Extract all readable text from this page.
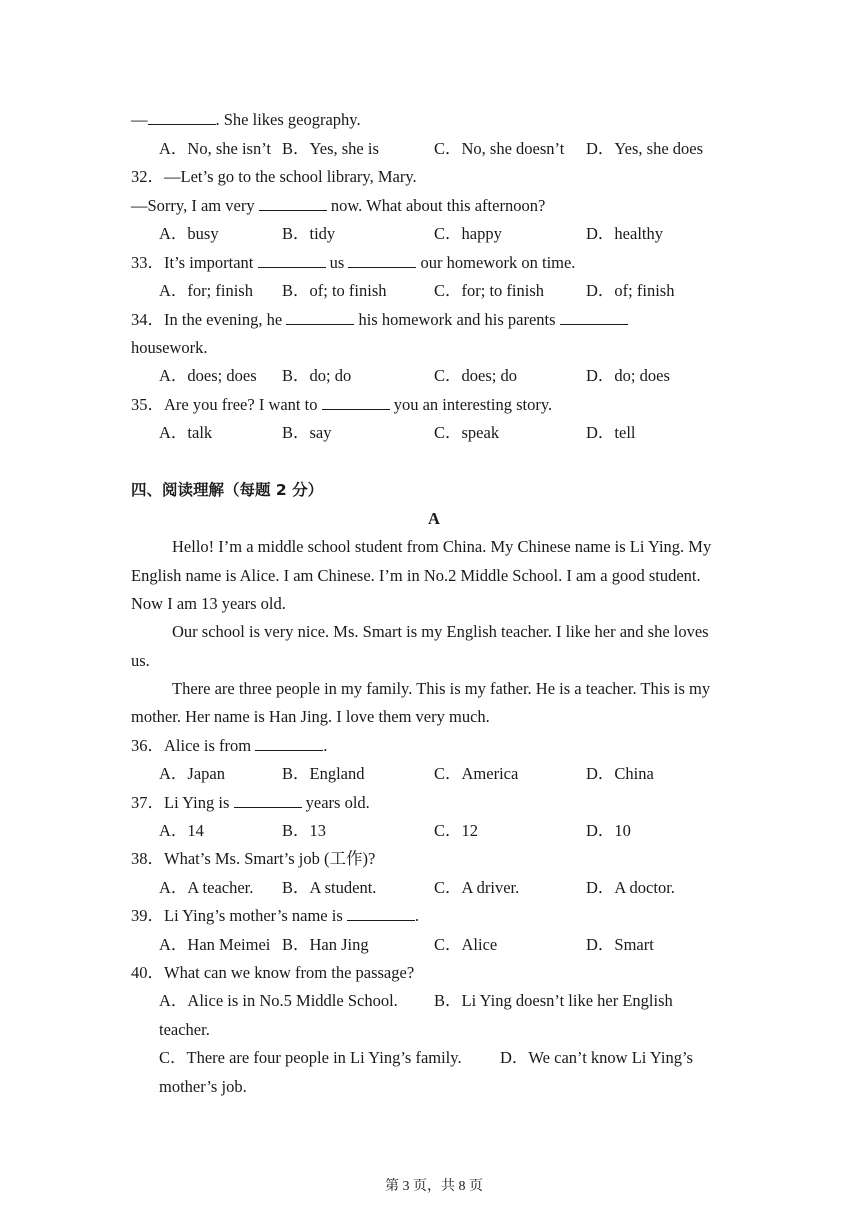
—	. She likes geography.
A．No, she isn’t B．Yes, she is	C．No, she doesn’t D．Yes, she does
32．—Let’s go to the school library, Mary.
—Sorry, I am very	now. What about this afternoon?
A．busy	B．tidy	C．happy	D．healthy
33．It’s important	us	our homework on time.
A．for; finish B．of; to finish	C．for; to finish	D．of; finish
34．In the evening, he	his homework and his parents
housework.
A．does; does B．do; do	C．does; do	D．do; does
35．Are you free? I want to	you an interesting story.
A．talk	B．say	C．speak	D．tell
四、阅读理解（每题 2 分）
A
Hello! I’m a middle school student from China. My Chinese name is Li Ying. My
English name is Alice. I am Chinese. I’m in No.2 Middle School. I am a good student.
Now I am 13 years old.
Our school is very nice. Ms. Smart is my English teacher. I like her and she loves
us.
There are three people in my family. This is my father. He is a teacher. This is my
mother. Her name is Han Jing. I love them very much.
36．Alice is from	.
A．Japan	B．England	C．America	D．China
37．Li Ying is	years old.
A．14	B．13	C．12	D．10
38．What’s Ms. Smart’s job (工作)?
A．A teacher. B．A student.	C．A driver.	D．A doctor.
39．Li Ying’s mother’s name is	.
A．Han Meimei B．Han Jing	C．Alice	D．Smart
40．What can we know from the passage?
A．Alice is in No.5 Middle School. B．Li Ying doesn’t like her English
teacher.
C．There are four people in Li Ying’s family. D．We can’t know Li Ying’s
mother’s job.
第 3 页，共 8 页
